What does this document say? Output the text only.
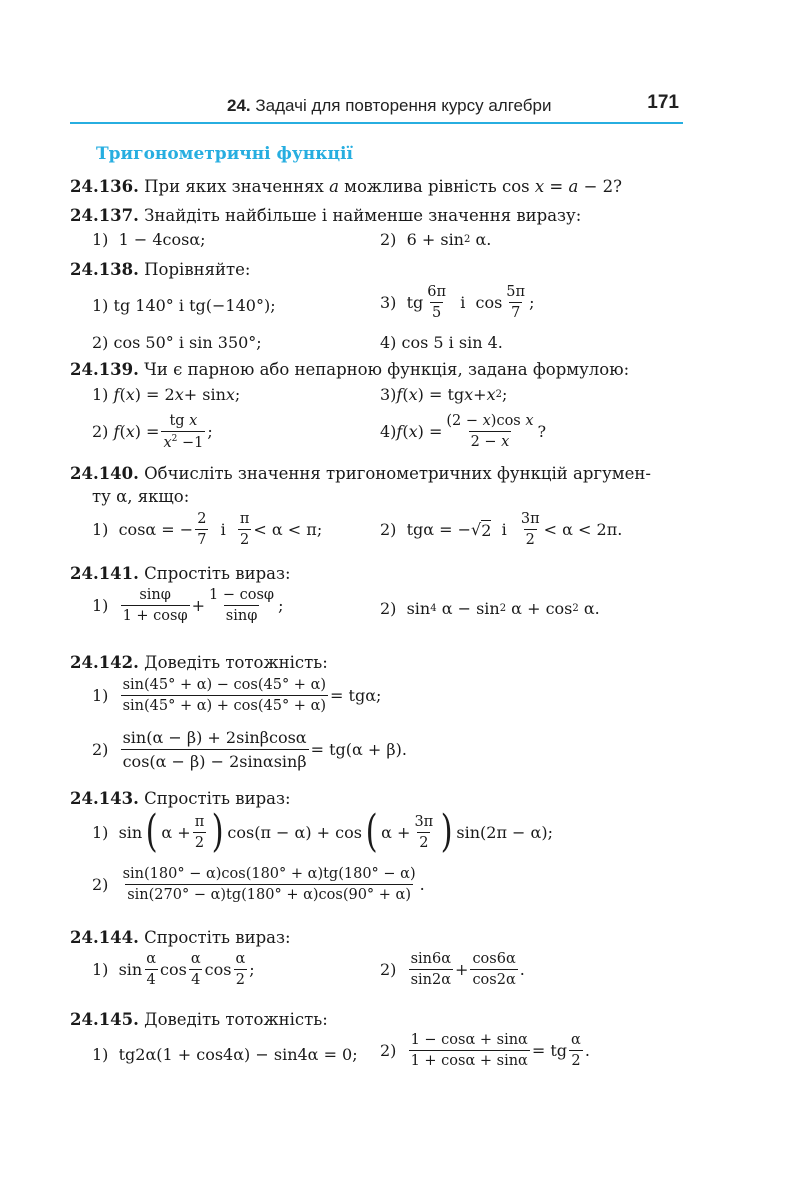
24. Задачі для повторення курсу алгебри	171
Тригонометричні функції
24.136. При яких значеннях a можлива рівність cos x = a − 2?
24.137. Знайдіть найбільше і найменше значення виразу:
1)  1 − 4cosα;	2)  6 + sin 2 α.
24.138. Порівняйте:
1) tg 140° і tg(−140°);	3)  tg $\frac{6\pi}{5}$ і  $\cos \frac{5\pi}{7}$ ;
2) cos 50° і sin 350°;	4) cos 5 і sin 4.
24.139. Чи є парною або непарною функція, задана формулою:
1) f ( x ) = 2 x + sin x ;	3) f ( x ) = tg x + x 2 ;
2) f ( x ) = $\frac{\text{tg x}}{x^2 -1}$ ;	4) f ( x ) = $\frac{\text{(2 − x)cos x}}{2 - x}$ ?
24.140. Обчисліть значення тригонометричних функцій аргумен-
ту α, якщо:
1)  cosα = − $\frac{2}{7}$ і $\frac{\pi}{2} < \alpha < \pi$;	2)  tgα = −√ 2 і $\frac{3\pi}{2} < \alpha < 2\pi$.
24.141. Спростіть вираз:
$1) \frac{\sin\varphi}{1 + \cos\varphi} + \frac{1 - \cos\varphi}{\sin\varphi}$ ;	2)  sin 4 α − sin 2 α + cos 2 α.
24.142. Доведіть тотожність:
$1) \frac{\sin(45^\circ + \alpha) - \cos(45^\circ + \alpha)}{\sin(45^\circ + \alpha) + \cos(45^\circ + \alpha)} = tg\alpha$;
$2) \frac{\sin(\alpha - \beta) + 2\sin\beta\cos\alpha}{\cos(\alpha - \beta) - 2\sin\alpha\sin\beta} = tg(\alpha + \beta)$.
24.143. Спростіть вираз:
1)  sin ( $\alpha + \frac{\pi}{2}$ ) cos(π − α) + cos ( $\alpha + \frac{3\pi}{2}$ ) sin(2π − α);
$2) \frac{\sin(180^\circ - \alpha)\cos(180^\circ + \alpha)tg(180^\circ - \alpha)}{\sin(270^\circ - \alpha)tg(180^\circ + \alpha)\cos(90^\circ + \alpha)}$ .
24.144. Спростіть вираз:
1)  $\sin \frac{\alpha}{4}$ $\cos \frac{\alpha}{4}$ $\cos \frac{\alpha}{2}$ ;	$2) \frac{\sin 6\alpha}{\sin 2\alpha} + \frac{\cos 6\alpha}{\cos 2\alpha}$ .
24.145. Доведіть тотожність:
1)  tg2α(1 + cos4α) − sin4α = 0; $2) \frac{1 - \cos\alpha + \sin\alpha}{1 + \cos\alpha + \sin\alpha}$ = tg $\frac{\alpha}{2}$ .
